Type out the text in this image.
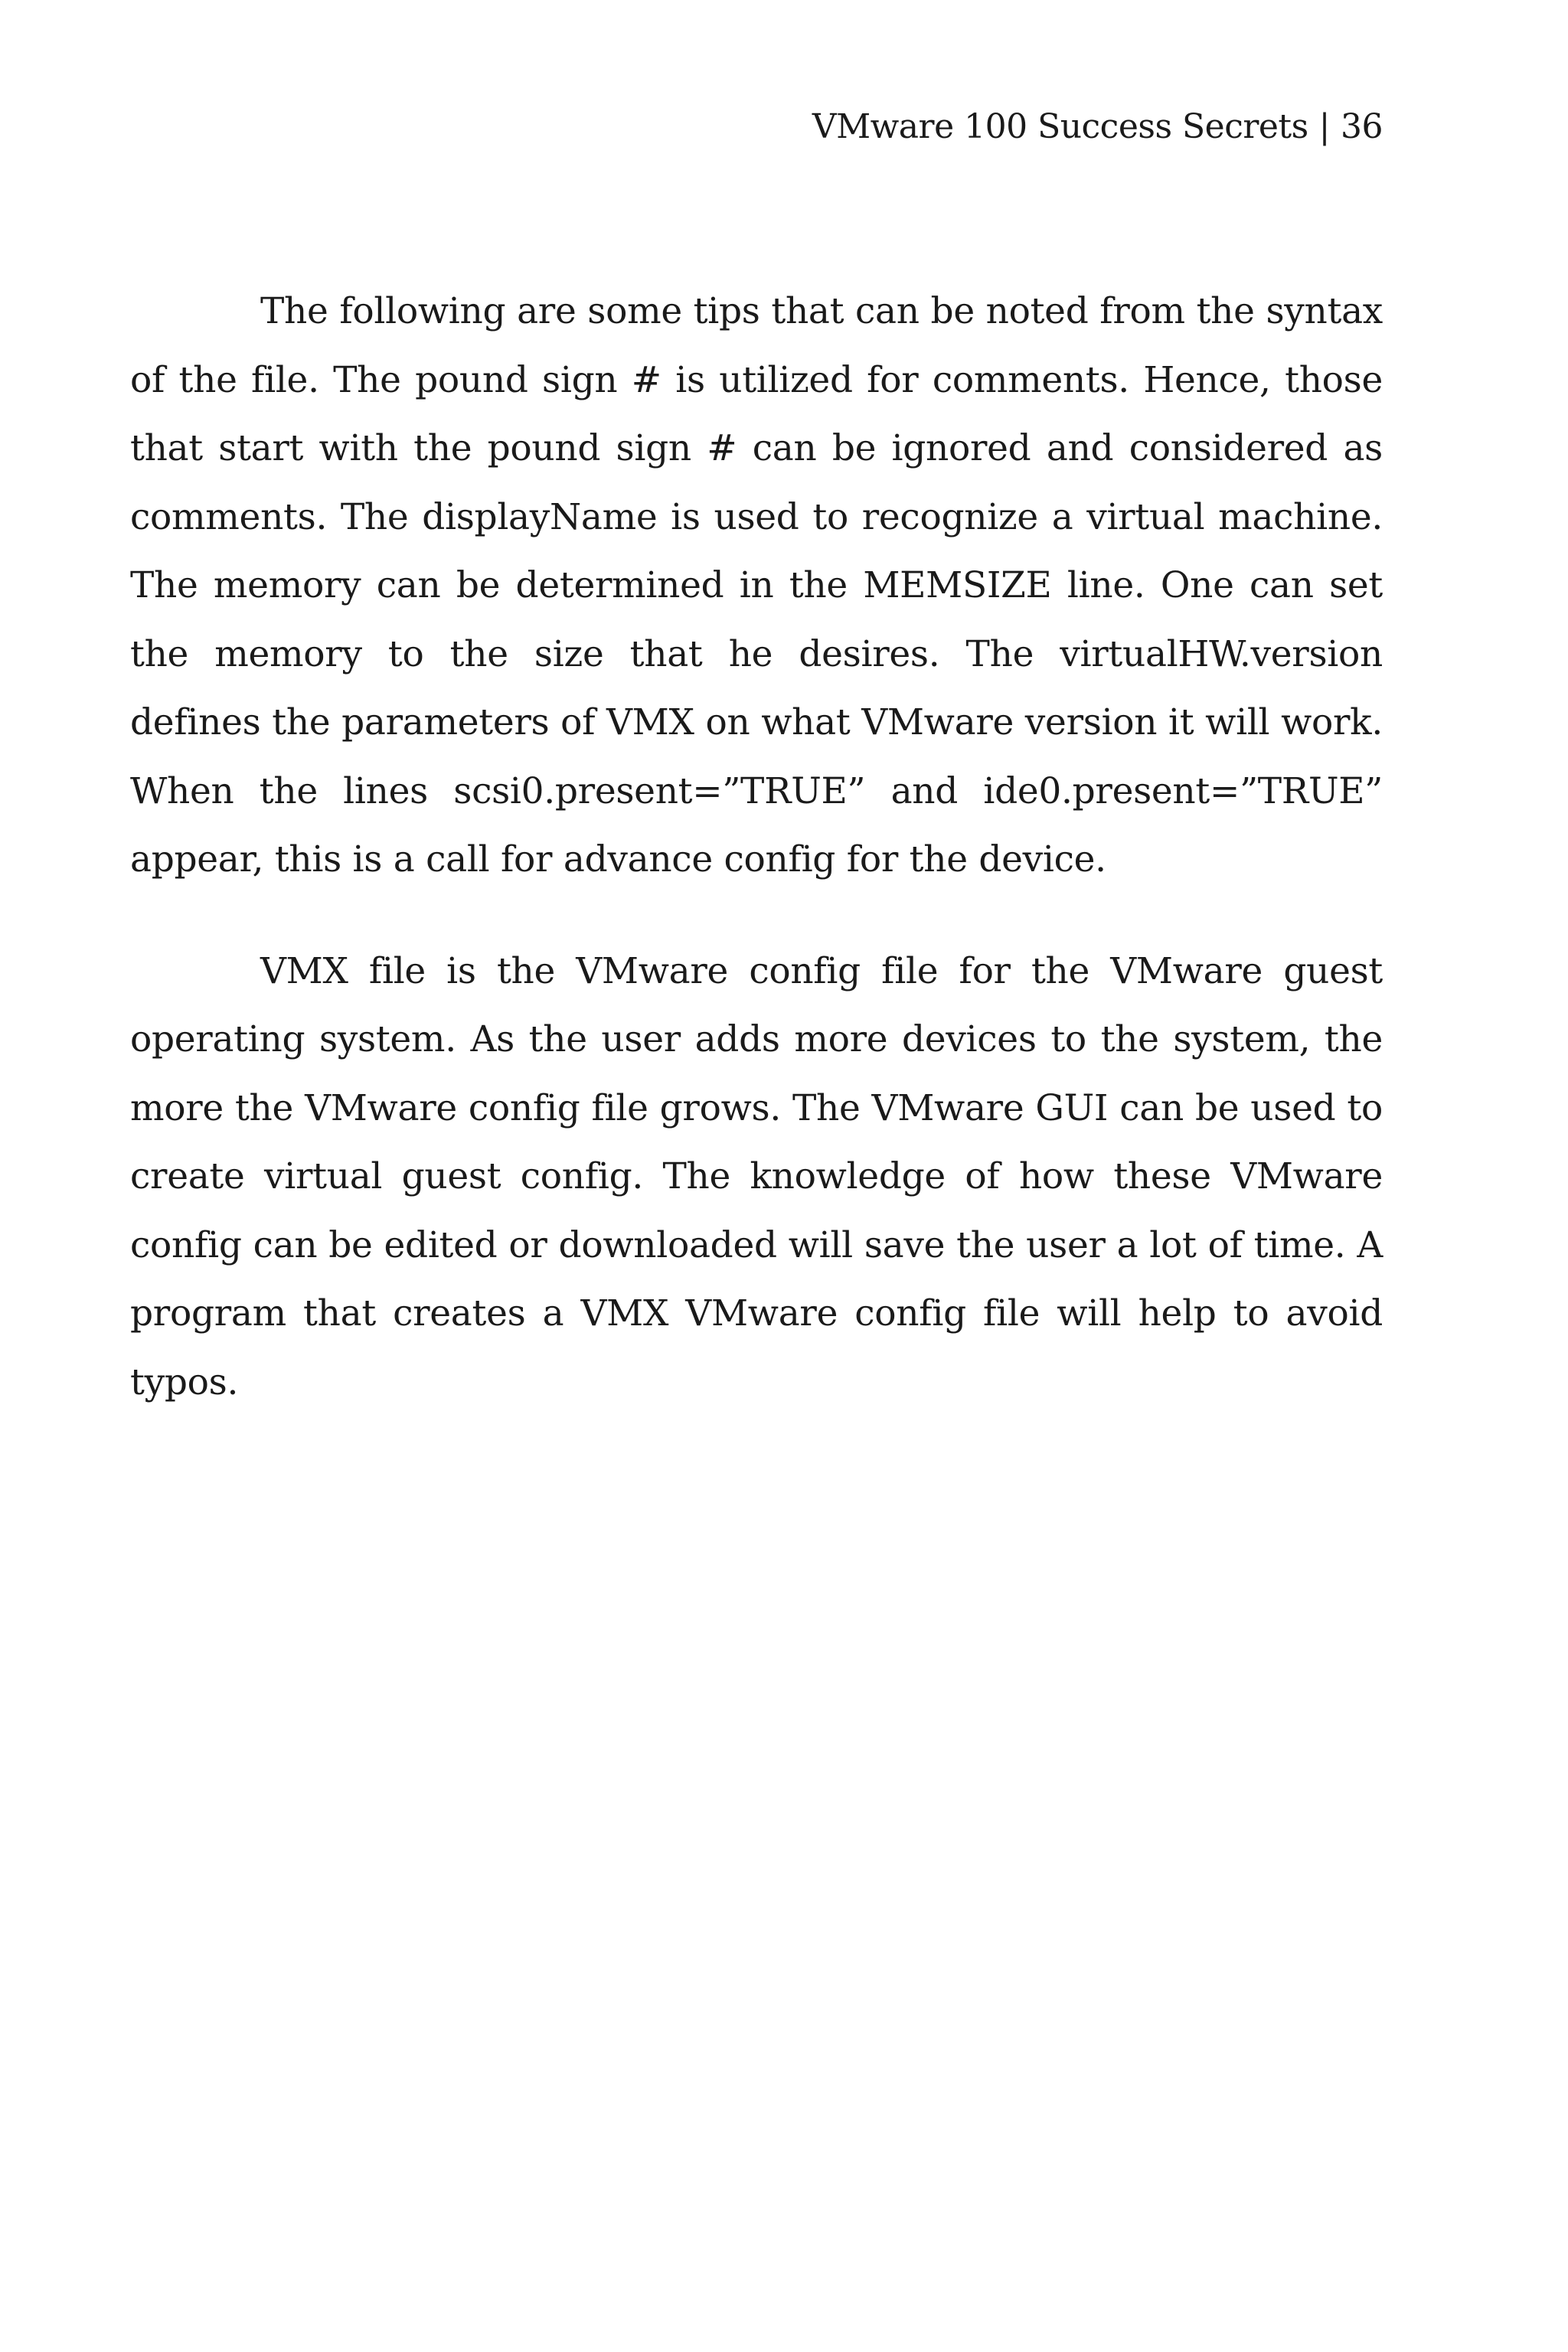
VMware 100 Success Secrets | 36

The following are some tips that can be noted from the syntax of the file. The pound sign # is utilized for comments. Hence, those that start with the pound sign # can be ignored and considered as comments. The displayName is used to recognize a virtual machine. The memory can be determined in the MEMSIZE line. One can set the memory to the size that he desires. The virtualHW.version defines the parameters of VMX on what VMware version it will work. When the lines scsi0.present=”TRUE” and ide0.present=”TRUE” appear, this is a call for advance config for the device.

VMX file is the VMware config file for the VMware guest operating system. As the user adds more devices to the system, the more the VMware config file grows. The VMware GUI can be used to create virtual guest config. The knowledge of how these VMware config can be edited or downloaded will save the user a lot of time. A program that creates a VMX VMware config file will help to avoid typos.
